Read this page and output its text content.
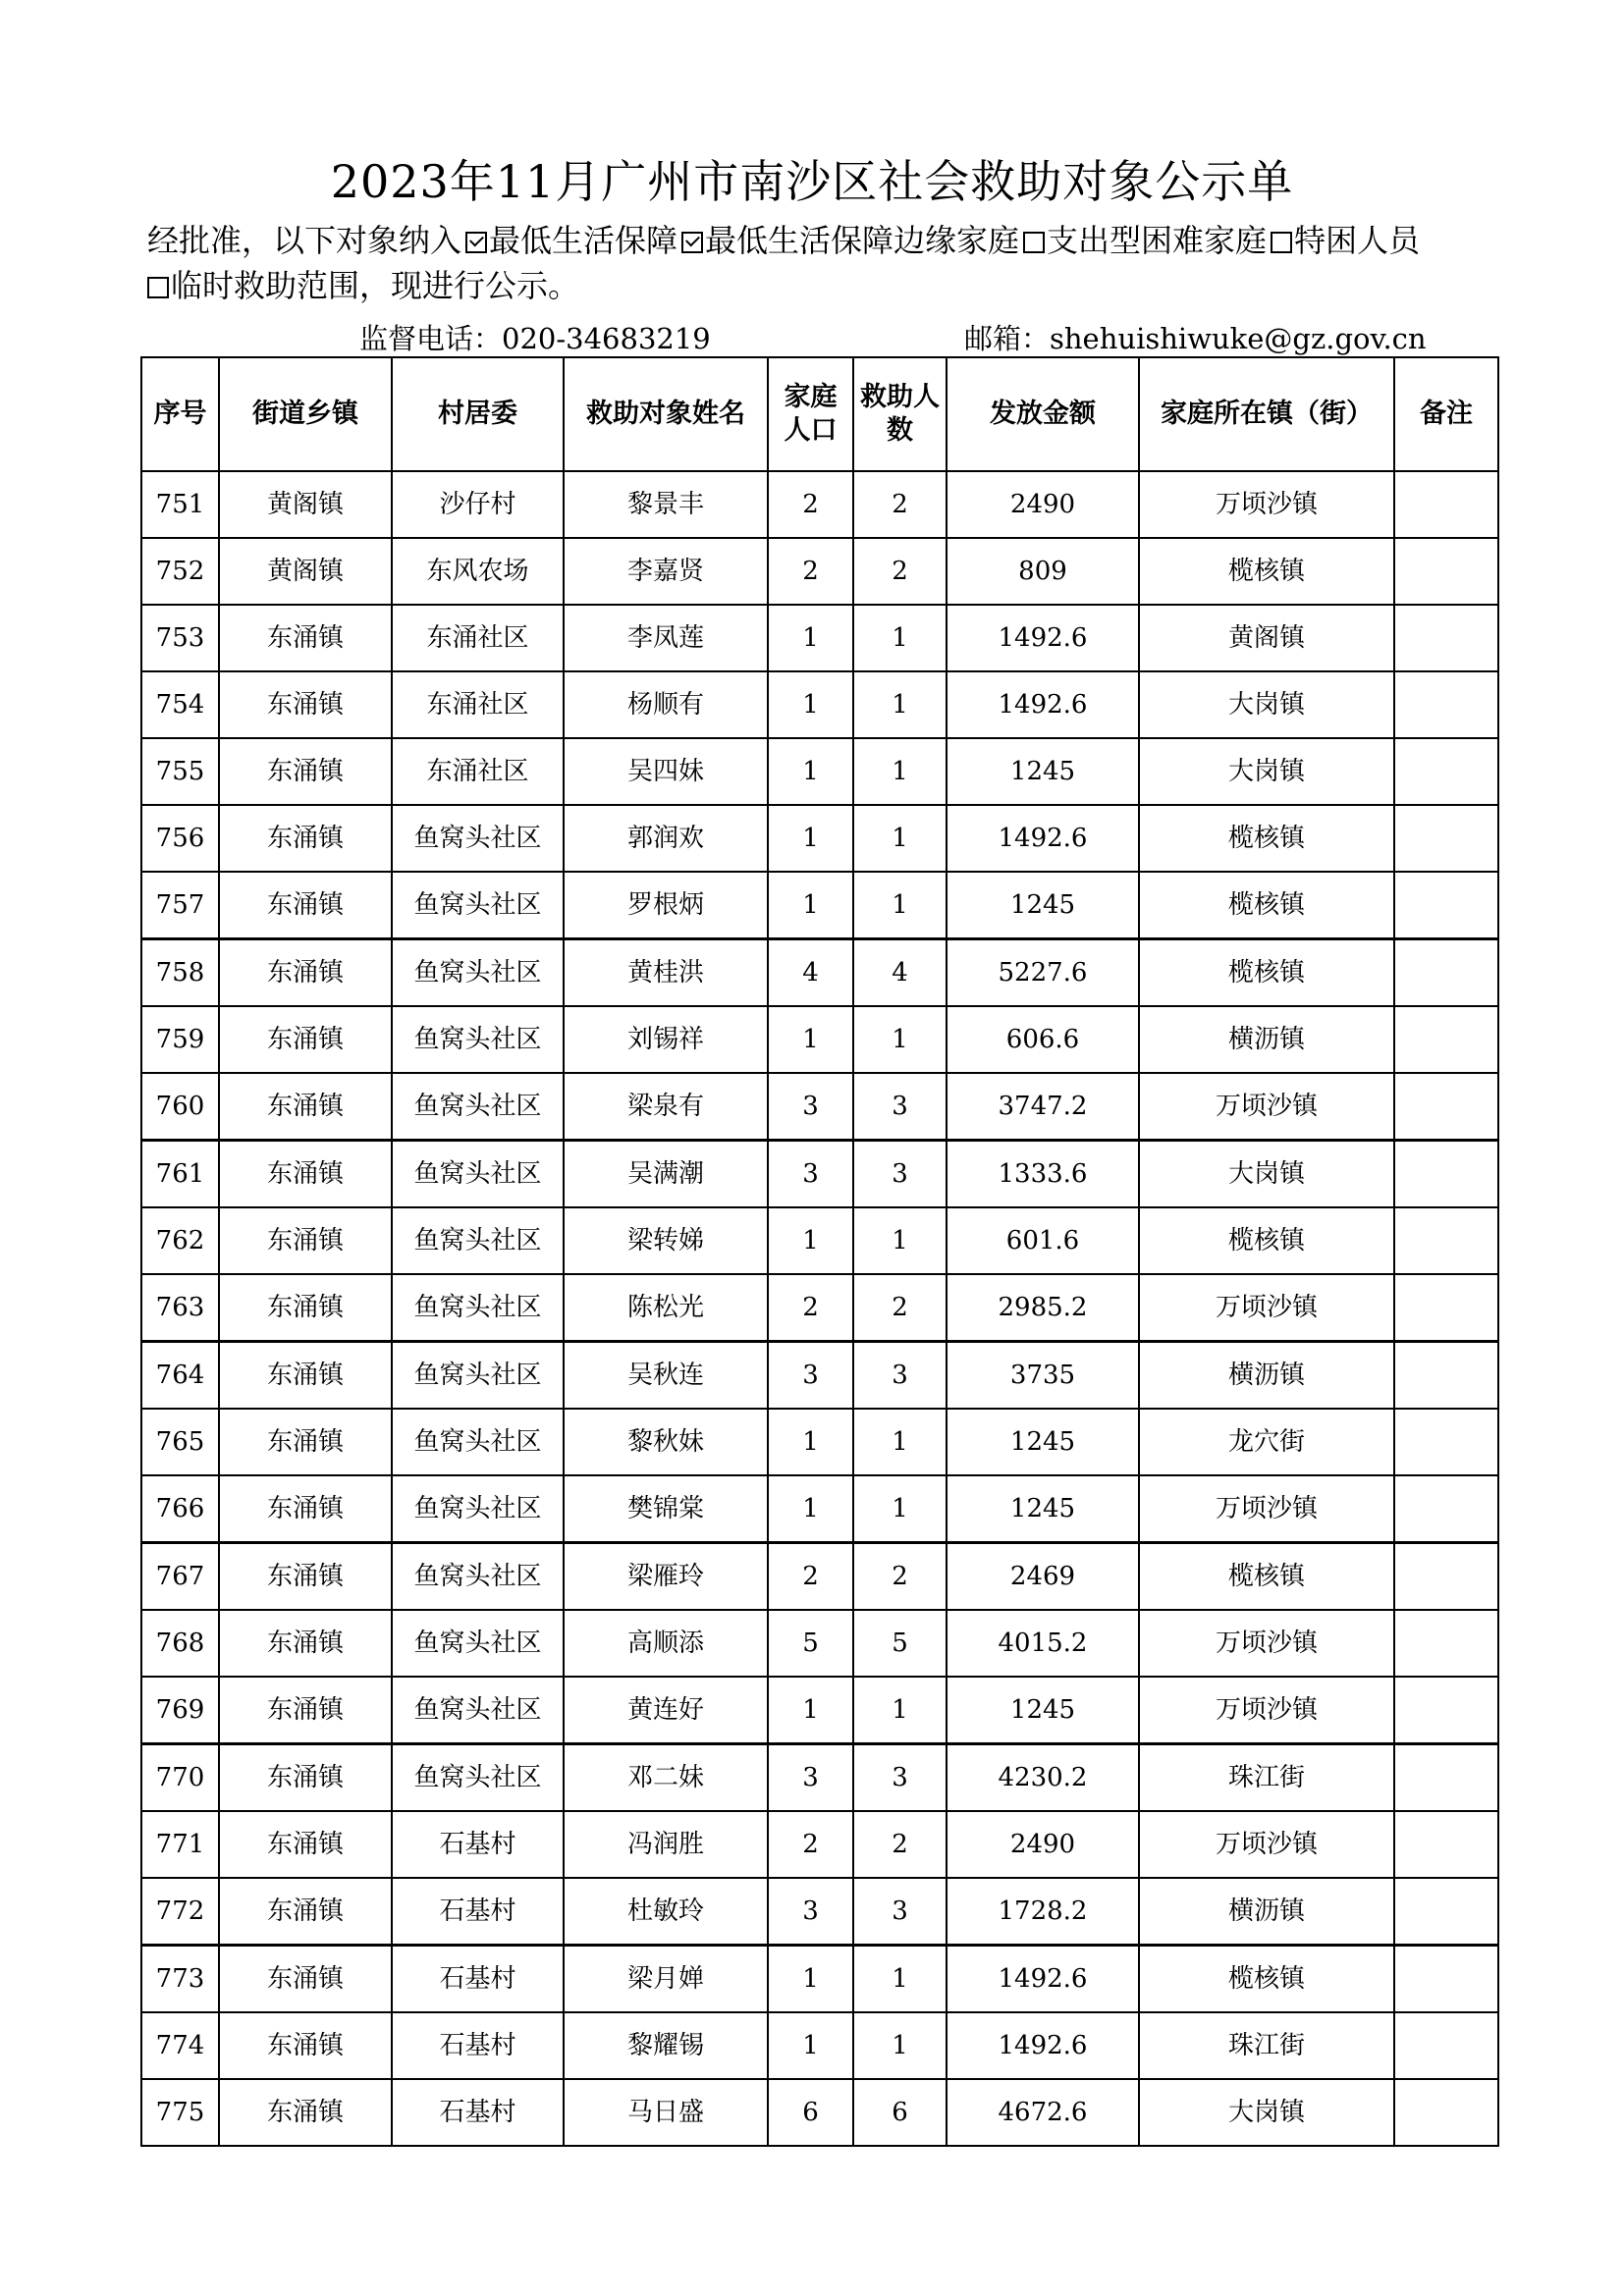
2023年11月广州市南沙区社会救助对象公示单
经批准，以下对象纳入 最低生活保障 最低生活保障边缘家庭 支出型困难家庭 特困人员
临时救助范围，现进行公示。
监督电话：020-34683219	邮箱：shehuishiwuke@gz.gov.cn
序号	街道乡镇	村居委	救助对象姓名	家庭人口	救助人数	发放金额	家庭所在镇（街）	备注
751	黄阁镇	沙仔村	黎景丰	2	2	2490	万顷沙镇	
752	黄阁镇	东风农场	李嘉贤	2	2	809	榄核镇	
753	东涌镇	东涌社区	李凤莲	1	1	1492.6	黄阁镇	
754	东涌镇	东涌社区	杨顺有	1	1	1492.6	大岗镇	
755	东涌镇	东涌社区	吴四妹	1	1	1245	大岗镇	
756	东涌镇	鱼窝头社区	郭润欢	1	1	1492.6	榄核镇	
757	东涌镇	鱼窝头社区	罗根炳	1	1	1245	榄核镇	
758	东涌镇	鱼窝头社区	黄桂洪	4	4	5227.6	榄核镇	
759	东涌镇	鱼窝头社区	刘锡祥	1	1	606.6	横沥镇	
760	东涌镇	鱼窝头社区	梁泉有	3	3	3747.2	万顷沙镇	
761	东涌镇	鱼窝头社区	吴满潮	3	3	1333.6	大岗镇	
762	东涌镇	鱼窝头社区	梁转娣	1	1	601.6	榄核镇	
763	东涌镇	鱼窝头社区	陈松光	2	2	2985.2	万顷沙镇	
764	东涌镇	鱼窝头社区	吴秋连	3	3	3735	横沥镇	
765	东涌镇	鱼窝头社区	黎秋妹	1	1	1245	龙穴街	
766	东涌镇	鱼窝头社区	樊锦棠	1	1	1245	万顷沙镇	
767	东涌镇	鱼窝头社区	梁雁玲	2	2	2469	榄核镇	
768	东涌镇	鱼窝头社区	高顺添	5	5	4015.2	万顷沙镇	
769	东涌镇	鱼窝头社区	黄连好	1	1	1245	万顷沙镇	
770	东涌镇	鱼窝头社区	邓二妹	3	3	4230.2	珠江街	
771	东涌镇	石基村	冯润胜	2	2	2490	万顷沙镇	
772	东涌镇	石基村	杜敏玲	3	3	1728.2	横沥镇	
773	东涌镇	石基村	梁月婵	1	1	1492.6	榄核镇	
774	东涌镇	石基村	黎耀锡	1	1	1492.6	珠江街	
775	东涌镇	石基村	马日盛	6	6	4672.6	大岗镇	
